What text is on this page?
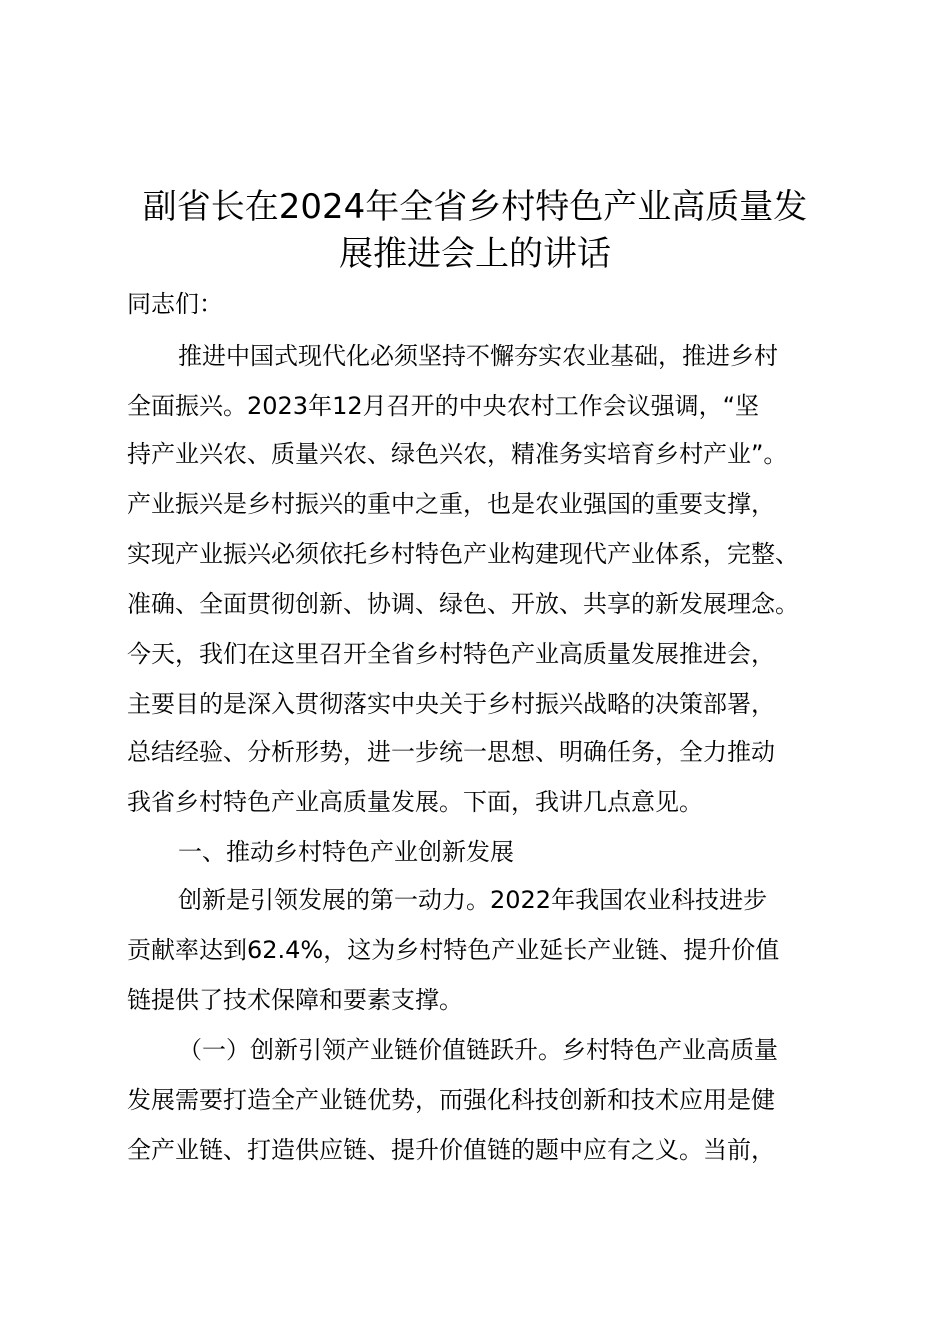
副省长在2024年全省乡村特色产业高质量发
展推进会上的讲话

同志们：

推进中国式现代化必须坚持不懈夯实农业基础，推进乡村

全面振兴。2023年12月召开的中央农村工作会议强调，“坚

持产业兴农、质量兴农、绿色兴农，精准务实培育乡村产业”。

产业振兴是乡村振兴的重中之重，也是农业强国的重要支撑，

实现产业振兴必须依托乡村特色产业构建现代产业体系，完整、

准确、全面贯彻创新、协调、绿色、开放、共享的新发展理念。

今天，我们在这里召开全省乡村特色产业高质量发展推进会，

主要目的是深入贯彻落实中央关于乡村振兴战略的决策部署，

总结经验、分析形势，进一步统一思想、明确任务，全力推动

我省乡村特色产业高质量发展。下面，我讲几点意见。

一、推动乡村特色产业创新发展

创新是引领发展的第一动力。2022年我国农业科技进步

贡献率达到62.4%，这为乡村特色产业延长产业链、提升价值

链提供了技术保障和要素支撑。

（一）创新引领产业链价值链跃升。乡村特色产业高质量

发展需要打造全产业链优势，而强化科技创新和技术应用是健

全产业链、打造供应链、提升价值链的题中应有之义。当前，
